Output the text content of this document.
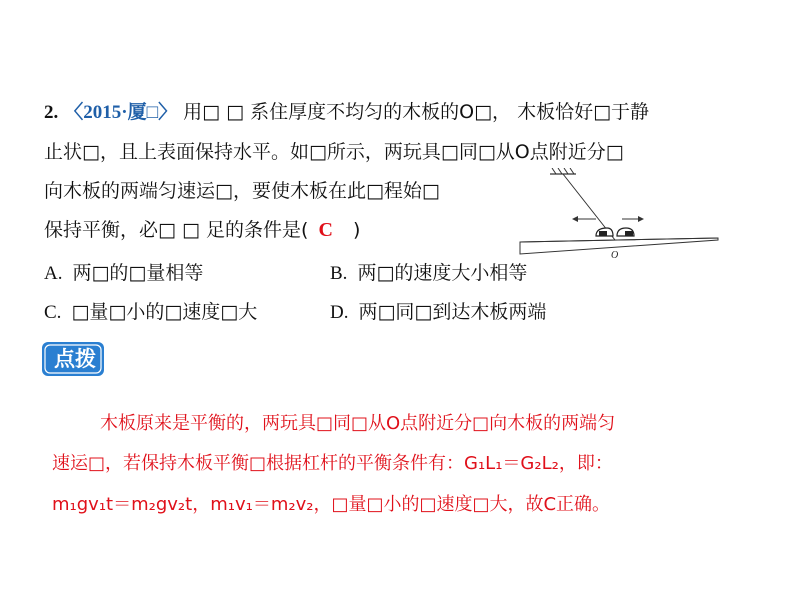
2. 〈2015·厦□〉 用□ □ 系住厚度不均匀的木板的O□， 木板恰好□于静
止状□，且上表面保持水平。如□所示，两玩具□同□从O点附近分□
向木板的两端匀速运□，要使木板在此□程始□
保持平衡，必□ □ 足的条件是( C )
O
A. 两□的□量相等	B. 两□的速度大小相等
C. □量□小的□速度□大	D. 两□同□到达木板两端
点拨
木板原来是平衡的，两玩具□同□从O点附近分□向木板的两端匀
速运□，若保持木板平衡□根据杠杆的平衡条件有：G₁L₁＝G₂L₂，即：
m₁gv₁t＝m₂gv₂t，m₁v₁＝m₂v₂，□量□小的□速度□大，故C正确。
